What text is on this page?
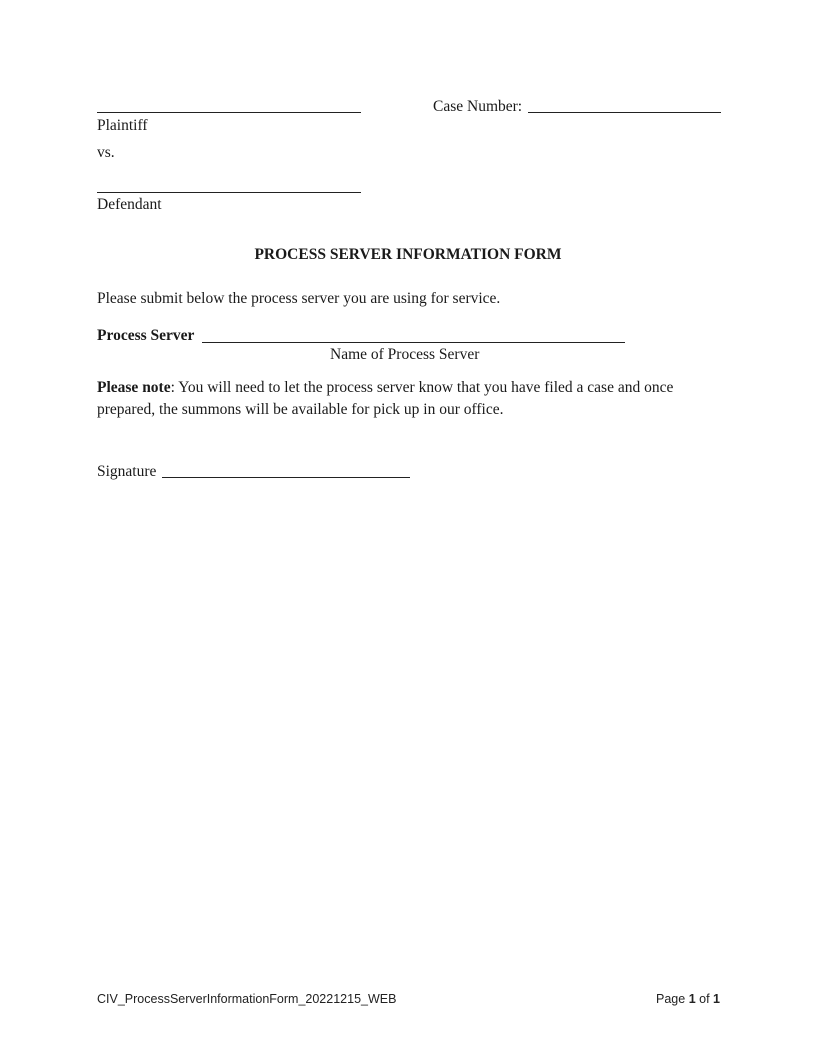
Plaintiff
Case Number:
vs.
Defendant
PROCESS SERVER INFORMATION FORM
Please submit below the process server you are using for service.
Process Server
Name of Process Server
Please note: You will need to let the process server know that you have filed a case and once prepared, the summons will be available for pick up in our office.
Signature
CIV_ProcessServerInformationForm_20221215_WEB	Page 1 of 1
